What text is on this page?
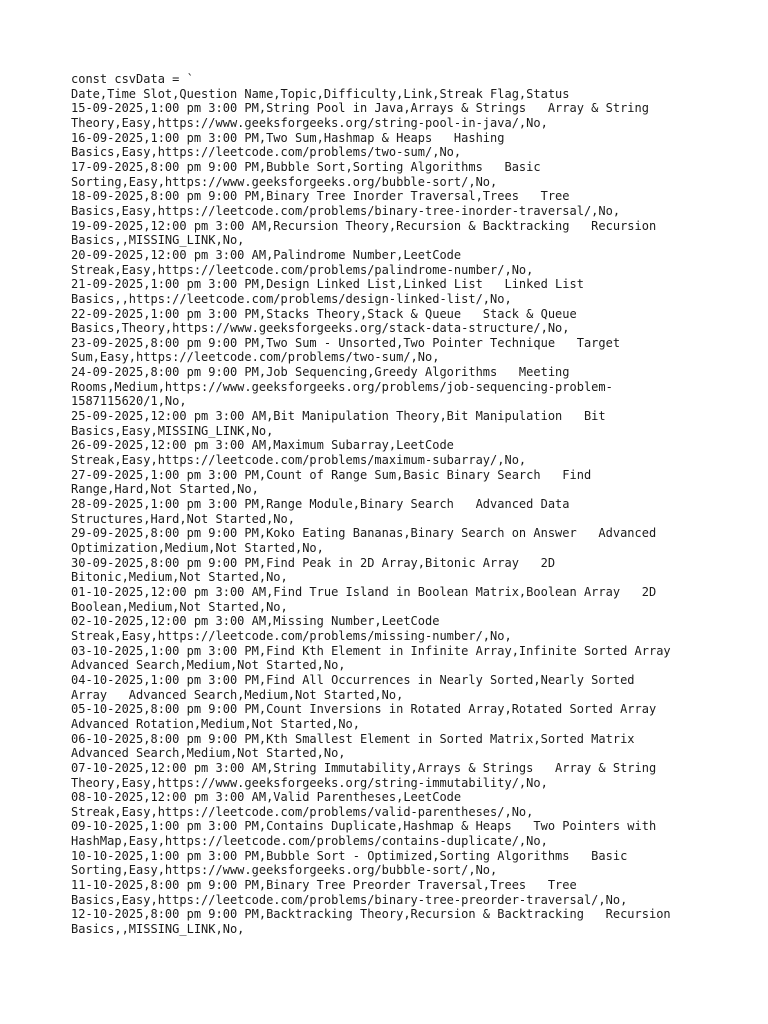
const csvData = `
Date,Time Slot,Question Name,Topic,Difficulty,Link,Streak Flag,Status
15-09-2025,1:00 pm 3:00 PM,String Pool in Java,Arrays & Strings   Array & String
Theory,Easy,https://www.geeksforgeeks.org/string-pool-in-java/,No,
16-09-2025,1:00 pm 3:00 PM,Two Sum,Hashmap & Heaps   Hashing
Basics,Easy,https://leetcode.com/problems/two-sum/,No,
17-09-2025,8:00 pm 9:00 PM,Bubble Sort,Sorting Algorithms   Basic
Sorting,Easy,https://www.geeksforgeeks.org/bubble-sort/,No,
18-09-2025,8:00 pm 9:00 PM,Binary Tree Inorder Traversal,Trees   Tree
Basics,Easy,https://leetcode.com/problems/binary-tree-inorder-traversal/,No,
19-09-2025,12:00 pm 3:00 AM,Recursion Theory,Recursion & Backtracking   Recursion
Basics,,MISSING_LINK,No,
20-09-2025,12:00 pm 3:00 AM,Palindrome Number,LeetCode
Streak,Easy,https://leetcode.com/problems/palindrome-number/,No,
21-09-2025,1:00 pm 3:00 PM,Design Linked List,Linked List   Linked List
Basics,,https://leetcode.com/problems/design-linked-list/,No,
22-09-2025,1:00 pm 3:00 PM,Stacks Theory,Stack & Queue   Stack & Queue
Basics,Theory,https://www.geeksforgeeks.org/stack-data-structure/,No,
23-09-2025,8:00 pm 9:00 PM,Two Sum - Unsorted,Two Pointer Technique   Target
Sum,Easy,https://leetcode.com/problems/two-sum/,No,
24-09-2025,8:00 pm 9:00 PM,Job Sequencing,Greedy Algorithms   Meeting
Rooms,Medium,https://www.geeksforgeeks.org/problems/job-sequencing-problem-
1587115620/1,No,
25-09-2025,12:00 pm 3:00 AM,Bit Manipulation Theory,Bit Manipulation   Bit
Basics,Easy,MISSING_LINK,No,
26-09-2025,12:00 pm 3:00 AM,Maximum Subarray,LeetCode
Streak,Easy,https://leetcode.com/problems/maximum-subarray/,No,
27-09-2025,1:00 pm 3:00 PM,Count of Range Sum,Basic Binary Search   Find
Range,Hard,Not Started,No,
28-09-2025,1:00 pm 3:00 PM,Range Module,Binary Search   Advanced Data
Structures,Hard,Not Started,No,
29-09-2025,8:00 pm 9:00 PM,Koko Eating Bananas,Binary Search on Answer   Advanced
Optimization,Medium,Not Started,No,
30-09-2025,8:00 pm 9:00 PM,Find Peak in 2D Array,Bitonic Array   2D
Bitonic,Medium,Not Started,No,
01-10-2025,12:00 pm 3:00 AM,Find True Island in Boolean Matrix,Boolean Array   2D
Boolean,Medium,Not Started,No,
02-10-2025,12:00 pm 3:00 AM,Missing Number,LeetCode
Streak,Easy,https://leetcode.com/problems/missing-number/,No,
03-10-2025,1:00 pm 3:00 PM,Find Kth Element in Infinite Array,Infinite Sorted Array
Advanced Search,Medium,Not Started,No,
04-10-2025,1:00 pm 3:00 PM,Find All Occurrences in Nearly Sorted,Nearly Sorted
Array   Advanced Search,Medium,Not Started,No,
05-10-2025,8:00 pm 9:00 PM,Count Inversions in Rotated Array,Rotated Sorted Array
Advanced Rotation,Medium,Not Started,No,
06-10-2025,8:00 pm 9:00 PM,Kth Smallest Element in Sorted Matrix,Sorted Matrix
Advanced Search,Medium,Not Started,No,
07-10-2025,12:00 pm 3:00 AM,String Immutability,Arrays & Strings   Array & String
Theory,Easy,https://www.geeksforgeeks.org/string-immutability/,No,
08-10-2025,12:00 pm 3:00 AM,Valid Parentheses,LeetCode
Streak,Easy,https://leetcode.com/problems/valid-parentheses/,No,
09-10-2025,1:00 pm 3:00 PM,Contains Duplicate,Hashmap & Heaps   Two Pointers with
HashMap,Easy,https://leetcode.com/problems/contains-duplicate/,No,
10-10-2025,1:00 pm 3:00 PM,Bubble Sort - Optimized,Sorting Algorithms   Basic
Sorting,Easy,https://www.geeksforgeeks.org/bubble-sort/,No,
11-10-2025,8:00 pm 9:00 PM,Binary Tree Preorder Traversal,Trees   Tree
Basics,Easy,https://leetcode.com/problems/binary-tree-preorder-traversal/,No,
12-10-2025,8:00 pm 9:00 PM,Backtracking Theory,Recursion & Backtracking   Recursion
Basics,,MISSING_LINK,No,
